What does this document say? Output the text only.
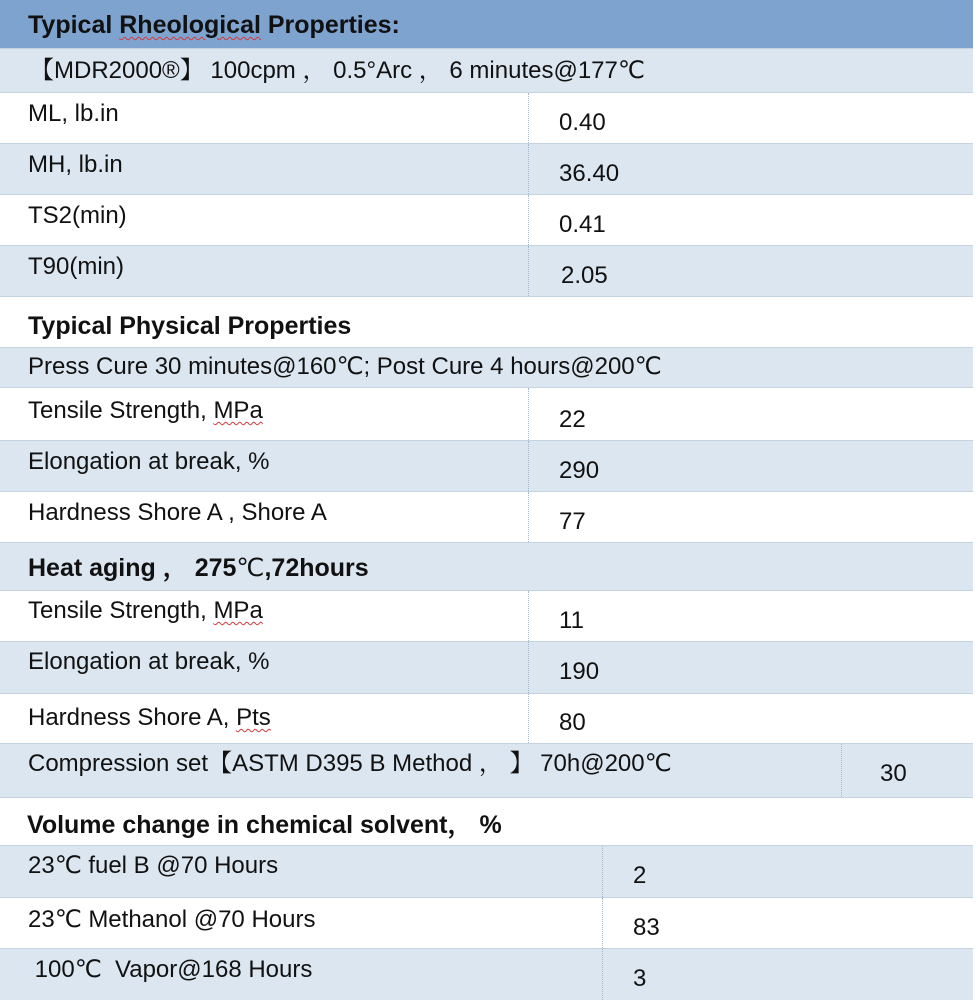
Typical Rheological Properties:
【MDR2000®】 100cpm ， 0.5°Arc ， 6 minutes@177℃
ML, lb.in	0.40
MH, lb.in	36.40
TS2(min)	0.41
T90(min)	2.05
Typical Physical Properties
Press Cure 30 minutes@160℃; Post Cure 4 hours@200℃
Tensile Strength, MPa	22
Elongation at break, %	290
Hardness Shore A , Shore A	77
Heat aging ， 275℃,72hours
Tensile Strength, MPa	11
Elongation at break, %	190
Hardness Shore A, Pts	80
Compression set【ASTM D395 B Method ， 】 70h@200℃	30
Volume change in chemical solvent， %
23℃ fuel B @70 Hours	2
23℃ Methanol @70 Hours	83
100℃  Vapor@168 Hours	3
